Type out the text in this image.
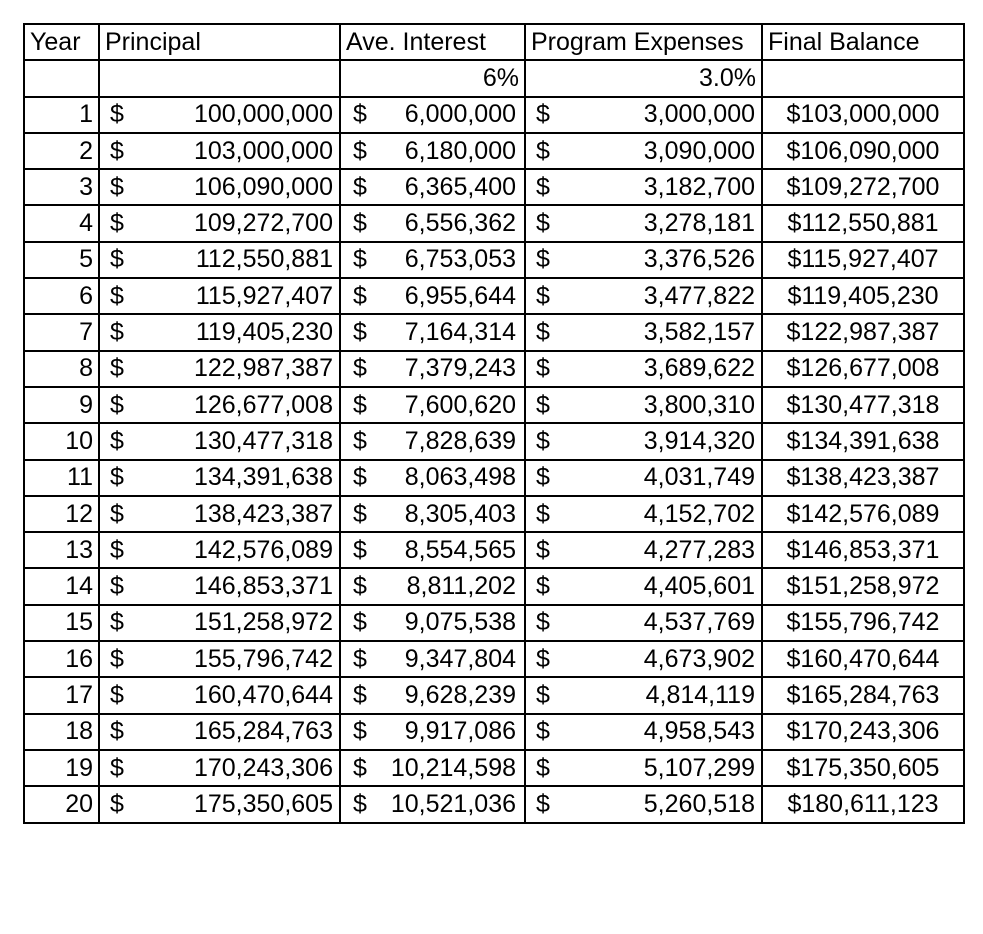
Year	Principal	Ave. Interest	Program Expenses	Final Balance
		6%	3.0%	
1	$ 100,000,000	$ 6,000,000	$ 3,000,000	$103,000,000
2	$ 103,000,000	$ 6,180,000	$ 3,090,000	$106,090,000
3	$ 106,090,000	$ 6,365,400	$ 3,182,700	$109,272,700
4	$ 109,272,700	$ 6,556,362	$ 3,278,181	$112,550,881
5	$ 112,550,881	$ 6,753,053	$ 3,376,526	$115,927,407
6	$ 115,927,407	$ 6,955,644	$ 3,477,822	$119,405,230
7	$ 119,405,230	$ 7,164,314	$ 3,582,157	$122,987,387
8	$ 122,987,387	$ 7,379,243	$ 3,689,622	$126,677,008
9	$ 126,677,008	$ 7,600,620	$ 3,800,310	$130,477,318
10	$ 130,477,318	$ 7,828,639	$ 3,914,320	$134,391,638
11	$ 134,391,638	$ 8,063,498	$ 4,031,749	$138,423,387
12	$ 138,423,387	$ 8,305,403	$ 4,152,702	$142,576,089
13	$ 142,576,089	$ 8,554,565	$ 4,277,283	$146,853,371
14	$ 146,853,371	$ 8,811,202	$ 4,405,601	$151,258,972
15	$ 151,258,972	$ 9,075,538	$ 4,537,769	$155,796,742
16	$ 155,796,742	$ 9,347,804	$ 4,673,902	$160,470,644
17	$ 160,470,644	$ 9,628,239	$ 4,814,119	$165,284,763
18	$ 165,284,763	$ 9,917,086	$ 4,958,543	$170,243,306
19	$ 170,243,306	$ 10,214,598	$ 5,107,299	$175,350,605
20	$ 175,350,605	$ 10,521,036	$ 5,260,518	$180,611,123
